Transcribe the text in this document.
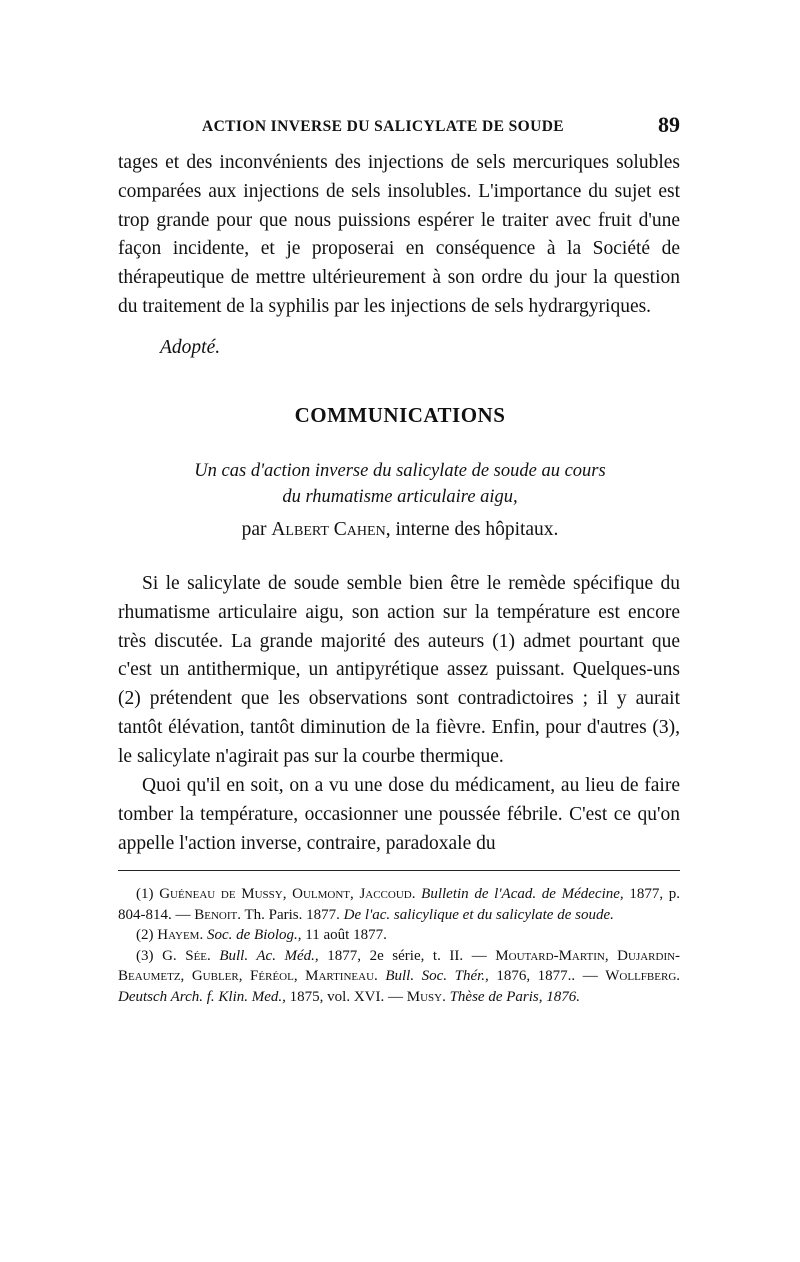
ACTION INVERSE DU SALICYLATE DE SOUDE	89

tages et des inconvénients des injections de sels mercuriques solubles comparées aux injections de sels insolubles. L'importance du sujet est trop grande pour que nous puissions espérer le traiter avec fruit d'une façon incidente, et je proposerai en conséquence à la Société de thérapeutique de mettre ultérieurement à son ordre du jour la question du traitement de la syphilis par les injections de sels hydrargyriques.

Adopté.
COMMUNICATIONS
Un cas d'action inverse du salicylate de soude au cours
du rhumatisme articulaire aigu,
par Albert Cahen, interne des hôpitaux.

Si le salicylate de soude semble bien être le remède spécifique du rhumatisme articulaire aigu, son action sur la température est encore très discutée. La grande majorité des auteurs (1) admet pourtant que c'est un antithermique, un antipyrétique assez puissant. Quelques-uns (2) prétendent que les observations sont contradictoires ; il y aurait tantôt élévation, tantôt diminution de la fièvre. Enfin, pour d'autres (3), le salicylate n'agirait pas sur la courbe thermique.

Quoi qu'il en soit, on a vu une dose du médicament, au lieu de faire tomber la température, occasionner une poussée fébrile. C'est ce qu'on appelle l'action inverse, contraire, paradoxale du

(1) Guéneau de Mussy, Oulmont, Jaccoud. Bulletin de l'Acad. de Médecine, 1877, p. 804-814. — Benoit. Th. Paris. 1877. De l'ac. salicylique et du salicylate de soude.

(2) Hayem. Soc. de Biolog., 11 août 1877.

(3) G. Sée. Bull. Ac. Méd., 1877, 2e série, t. II. — Moutard-Martin, Dujardin-Beaumetz, Gubler, Féréol, Martineau. Bull. Soc. Thér., 1876, 1877.. — Wollfberg. Deutsch Arch. f. Klin. Med., 1875, vol. XVI. — Musy. Thèse de Paris, 1876.
